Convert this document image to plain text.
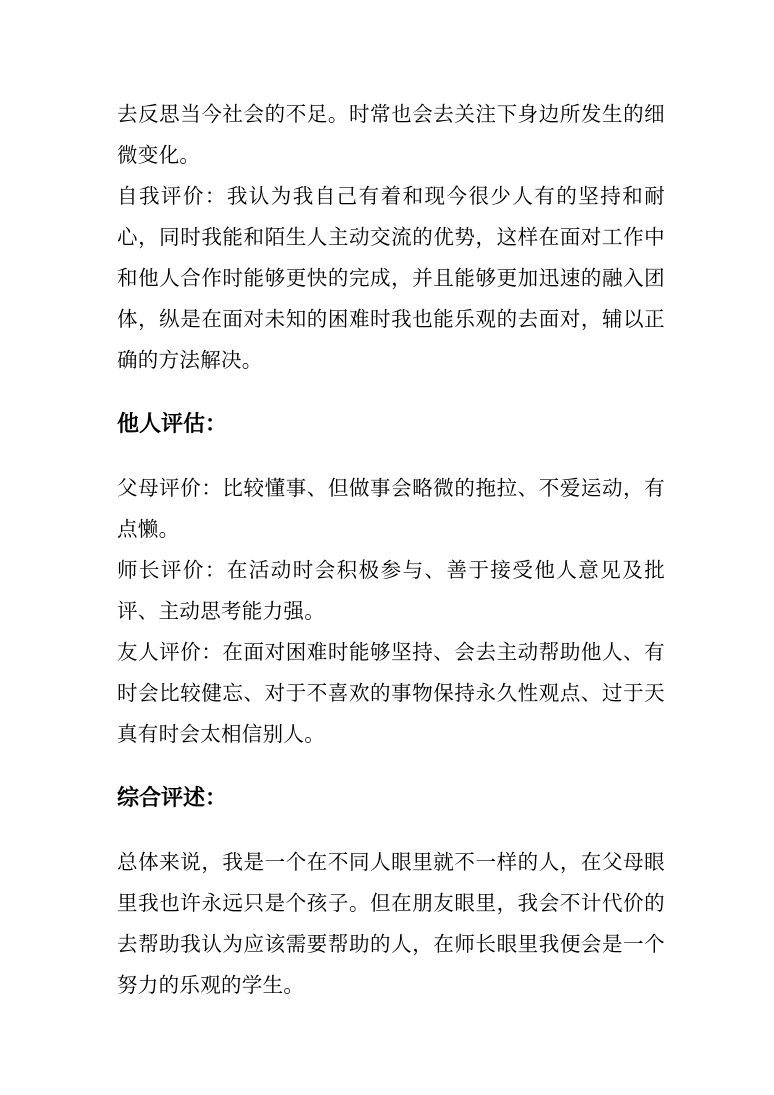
去反思当今社会的不足。时常也会去关注下身边所发生的细微变化。

自我评价：我认为我自己有着和现今很少人有的坚持和耐心，同时我能和陌生人主动交流的优势，这样在面对工作中和他人合作时能够更快的完成，并且能够更加迅速的融入团体，纵是在面对未知的困难时我也能乐观的去面对，辅以正确的方法解决。

他人评估：

父母评价：比较懂事、但做事会略微的拖拉、不爱运动，有点懒。

师长评价：在活动时会积极参与、善于接受他人意见及批评、主动思考能力强。

友人评价：在面对困难时能够坚持、会去主动帮助他人、有时会比较健忘、对于不喜欢的事物保持永久性观点、过于天真有时会太相信别人。

综合评述：

总体来说，我是一个在不同人眼里就不一样的人，在父母眼里我也许永远只是个孩子。但在朋友眼里，我会不计代价的去帮助我认为应该需要帮助的人，在师长眼里我便会是一个努力的乐观的学生。
